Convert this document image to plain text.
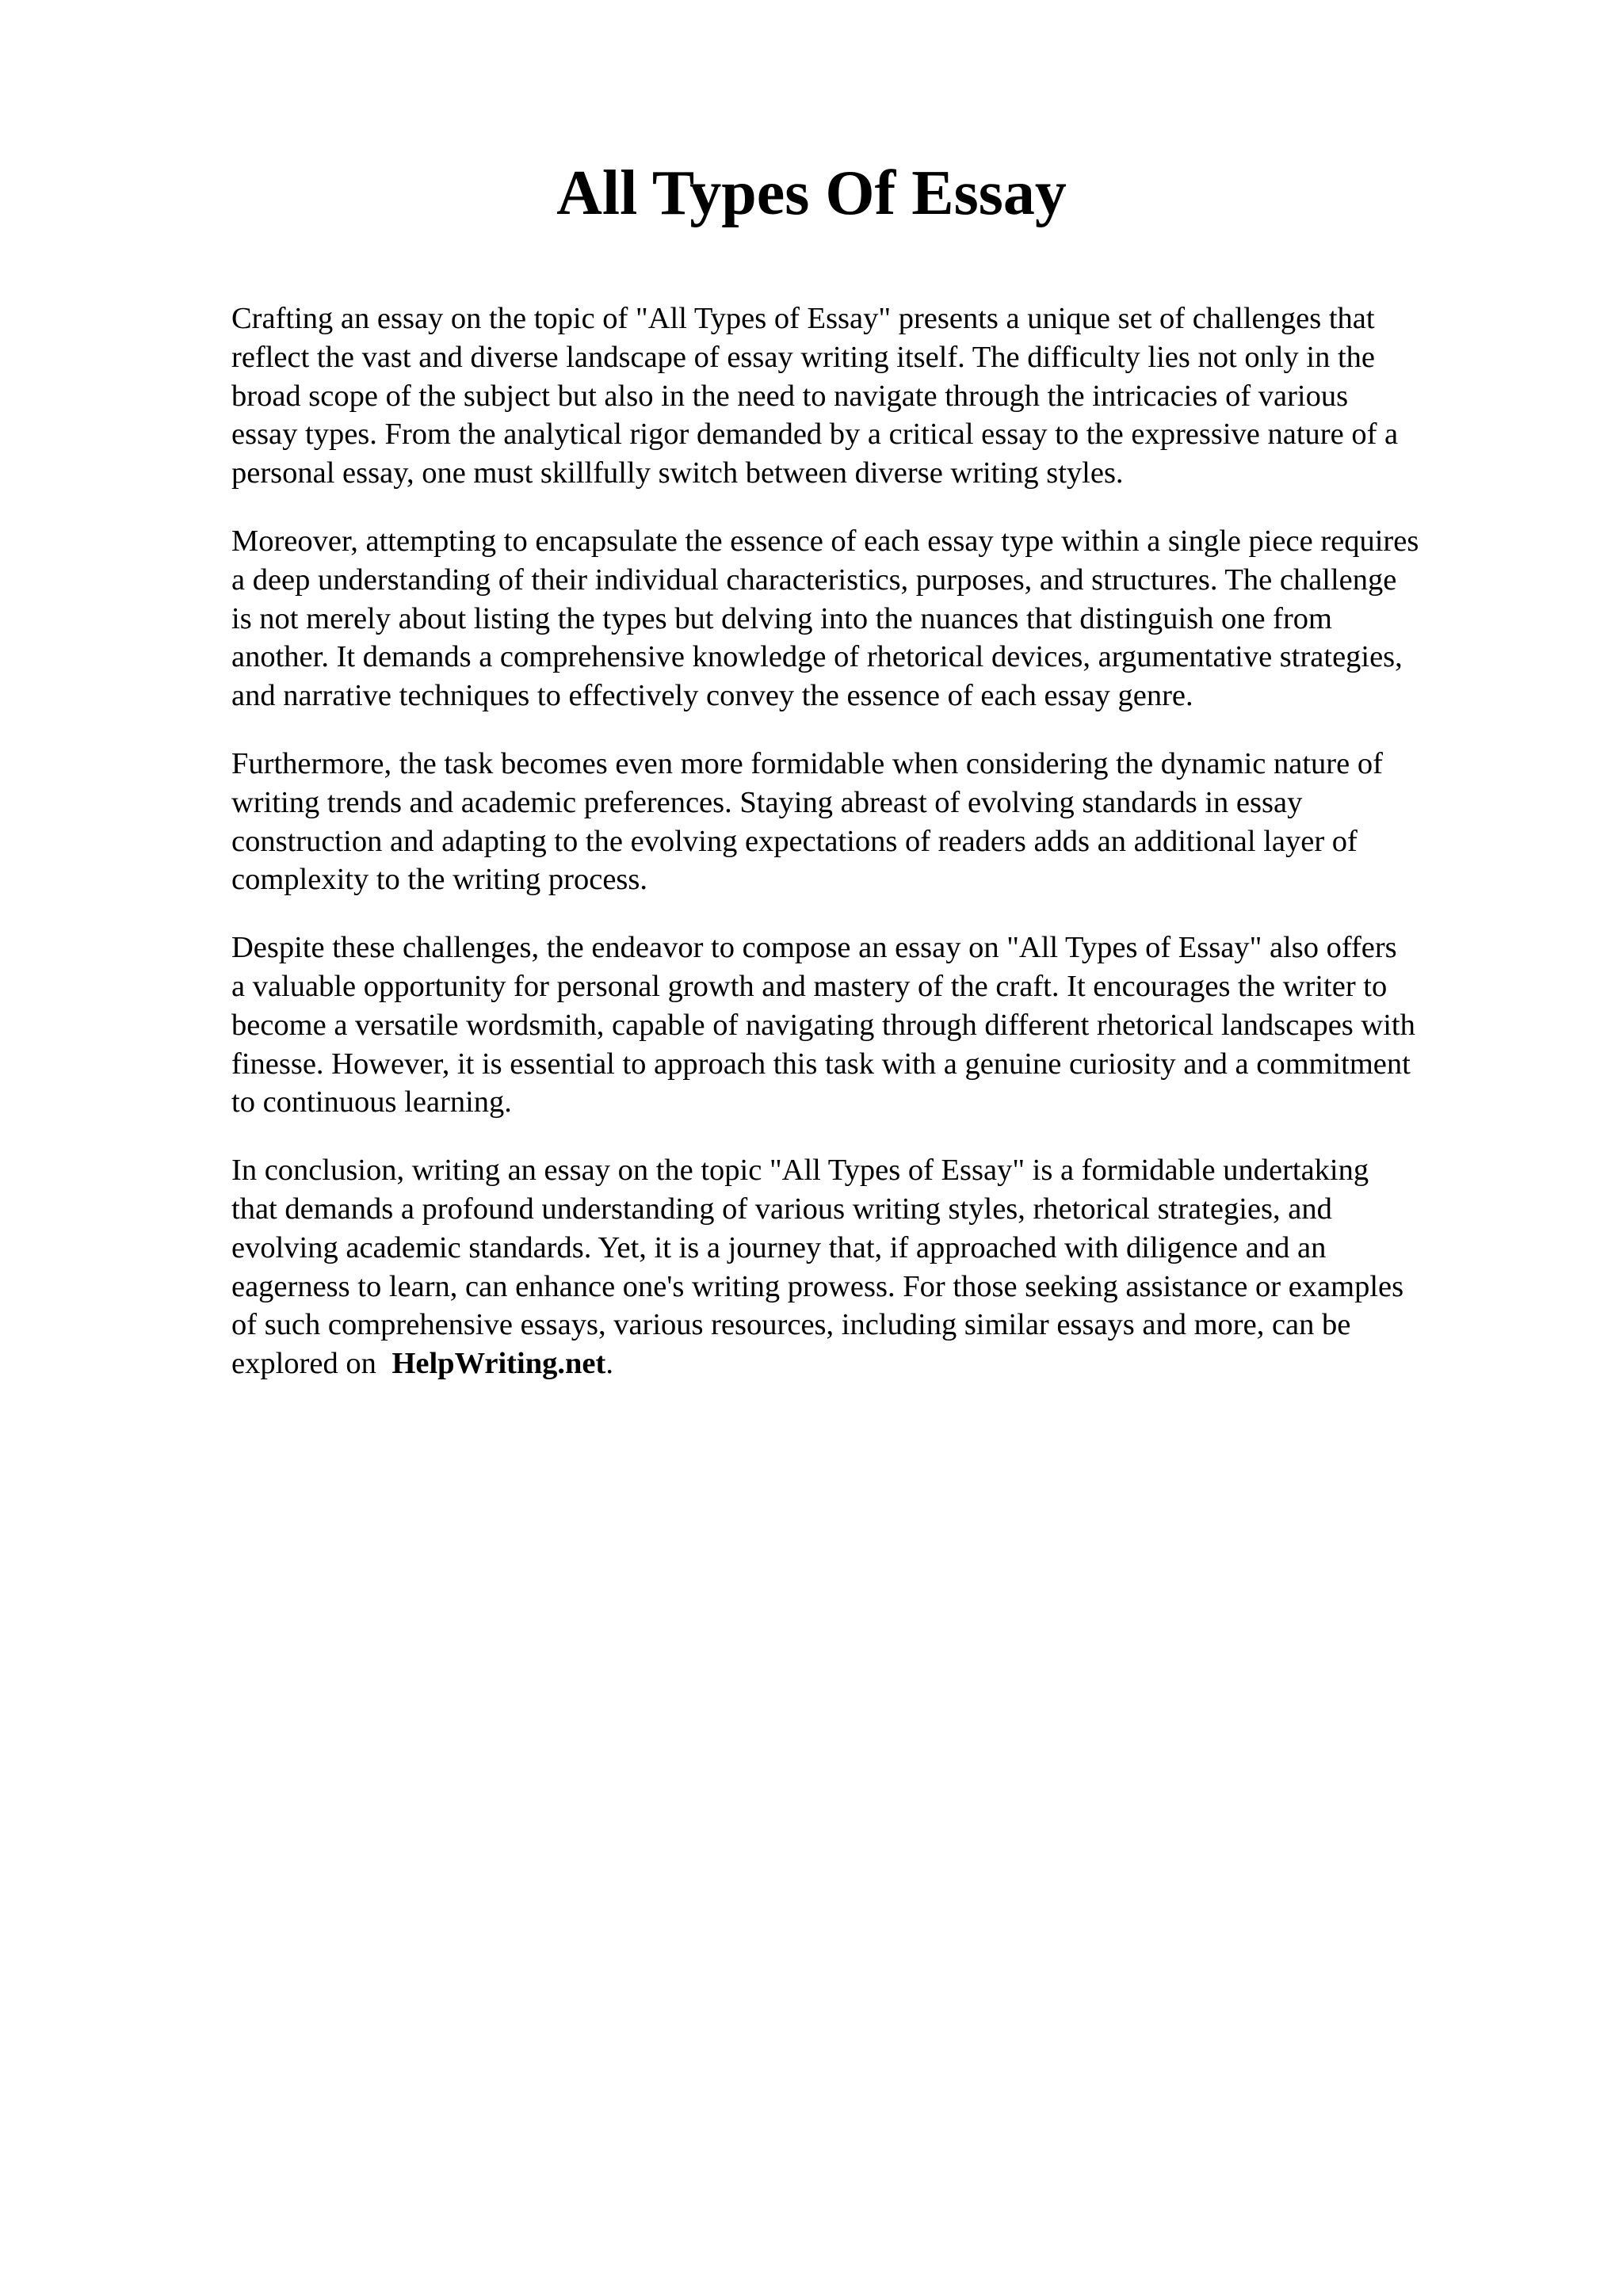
All Types Of Essay

Crafting an essay on the topic of "All Types of Essay" presents a unique set of challenges that
reflect the vast and diverse landscape of essay writing itself. The difficulty lies not only in the
broad scope of the subject but also in the need to navigate through the intricacies of various
essay types. From the analytical rigor demanded by a critical essay to the expressive nature of a
personal essay, one must skillfully switch between diverse writing styles.

Moreover, attempting to encapsulate the essence of each essay type within a single piece requires
a deep understanding of their individual characteristics, purposes, and structures. The challenge
is not merely about listing the types but delving into the nuances that distinguish one from
another. It demands a comprehensive knowledge of rhetorical devices, argumentative strategies,
and narrative techniques to effectively convey the essence of each essay genre.

Furthermore, the task becomes even more formidable when considering the dynamic nature of
writing trends and academic preferences. Staying abreast of evolving standards in essay
construction and adapting to the evolving expectations of readers adds an additional layer of
complexity to the writing process.

Despite these challenges, the endeavor to compose an essay on "All Types of Essay" also offers
a valuable opportunity for personal growth and mastery of the craft. It encourages the writer to
become a versatile wordsmith, capable of navigating through different rhetorical landscapes with
finesse. However, it is essential to approach this task with a genuine curiosity and a commitment
to continuous learning.

In conclusion, writing an essay on the topic "All Types of Essay" is a formidable undertaking
that demands a profound understanding of various writing styles, rhetorical strategies, and
evolving academic standards. Yet, it is a journey that, if approached with diligence and an
eagerness to learn, can enhance one's writing prowess. For those seeking assistance or examples
of such comprehensive essays, various resources, including similar essays and more, can be
explored on HelpWriting.net.
